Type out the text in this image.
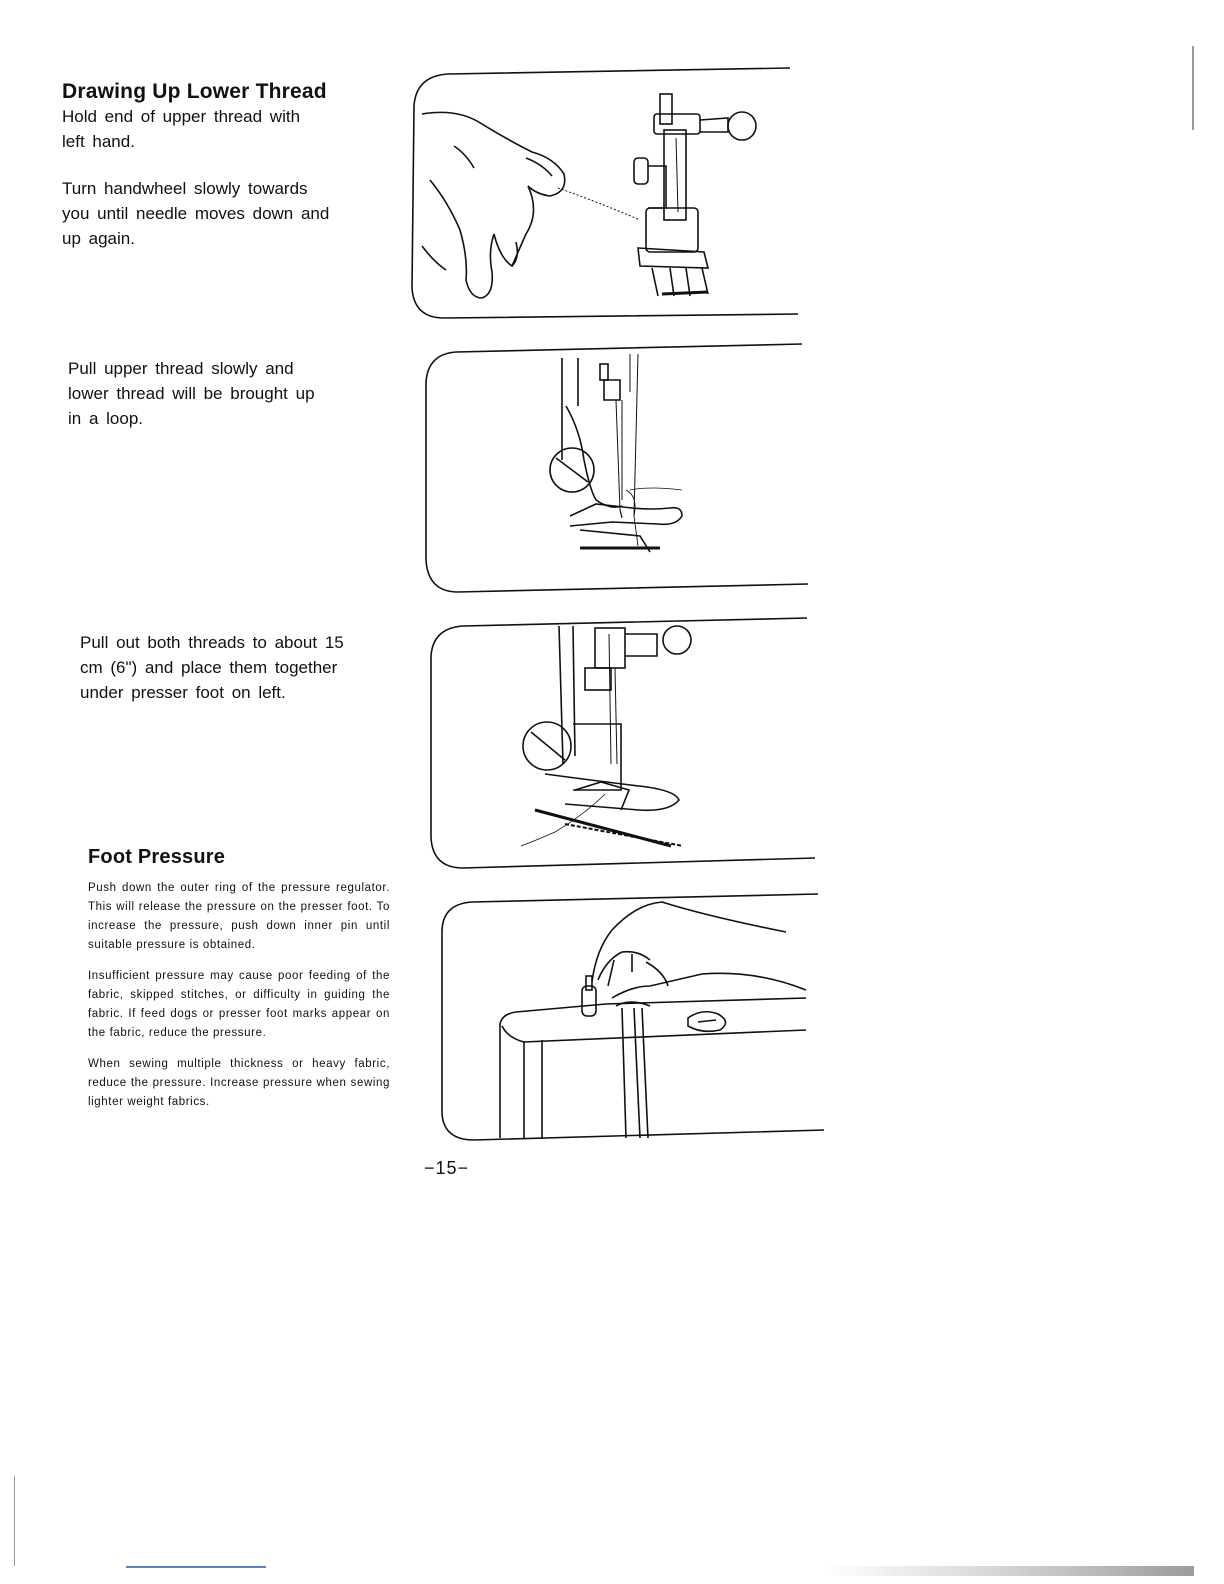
Drawing Up Lower Thread

Hold end of upper thread with
left hand.

Turn handwheel slowly towards
you until needle moves down and
up again.

Pull upper thread slowly and
lower thread will be brought up
in a loop.

Pull out both threads to about 15
cm (6") and place them together
under presser foot on left.

Foot Pressure

Push down the outer ring of the pressure regulator. This will release the pressure on the presser foot. To increase the pressure, push down inner pin until suitable pressure is obtained.

Insufficient pressure may cause poor feeding of the fabric, skipped stitches, or difficulty in guiding the fabric. If feed dogs or presser foot marks appear on the fabric, reduce the pressure.

When sewing multiple thickness or heavy fabric, reduce the pressure. Increase pressure when sewing lighter weight fabrics.

−15−
